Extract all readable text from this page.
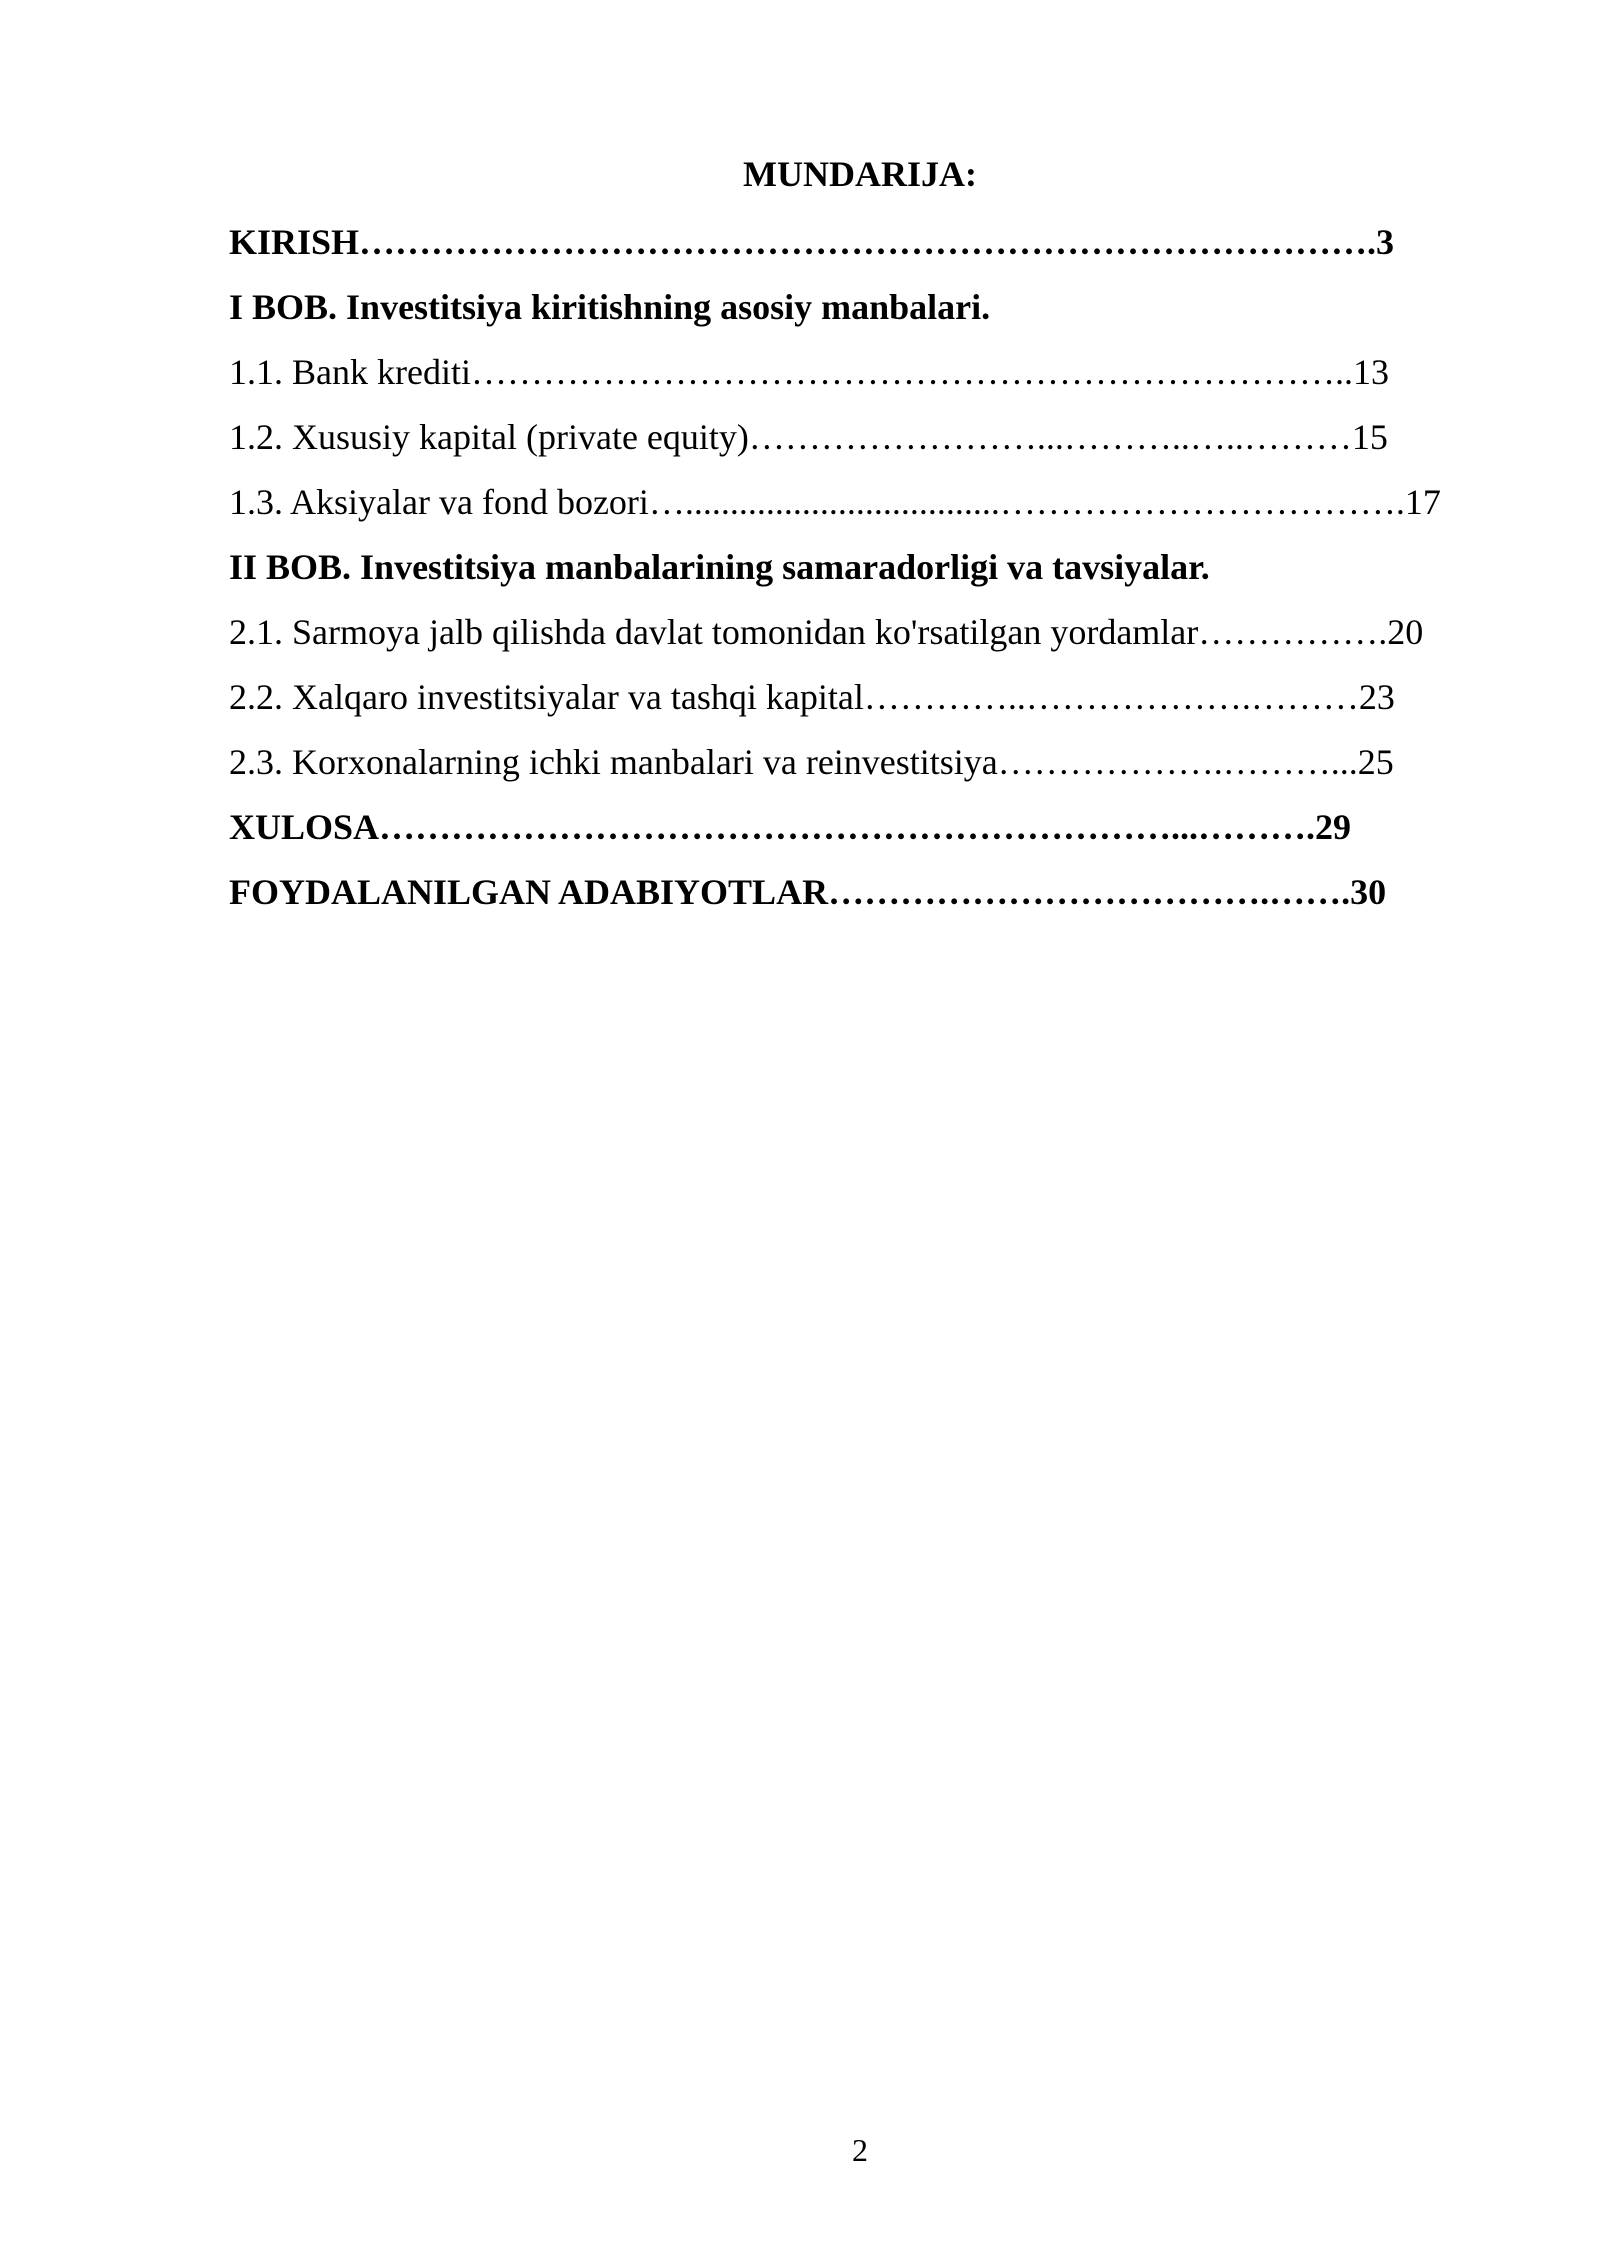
MUNDARIJA:
KIRISH………………………………………………………………………….3
I BOB. Investitsiya kiritishning asosiy manbalari.
1.1. Bank krediti………………………………………………………………..13
1.2. Xususiy kapital (private equity)……………………...………..…..………15
1.3. Aksiyalar va fond bozori…...................................…………………………….17
II BOB. Investitsiya manbalarining samaradorligi va tavsiyalar.
2.1. Sarmoya jalb qilishda davlat tomonidan ko'rsatilgan yordamlar…………….20
2.2. Xalqaro investitsiyalar va tashqi kapital…………..……………….………23
2.3. Korxonalarning ichki manbalari va reinvestitsiya……………….………...25
XULOSA…………………………………………………………...……….29
FOYDALANILGAN ADABIYOTLAR……………………………….…….30
2
